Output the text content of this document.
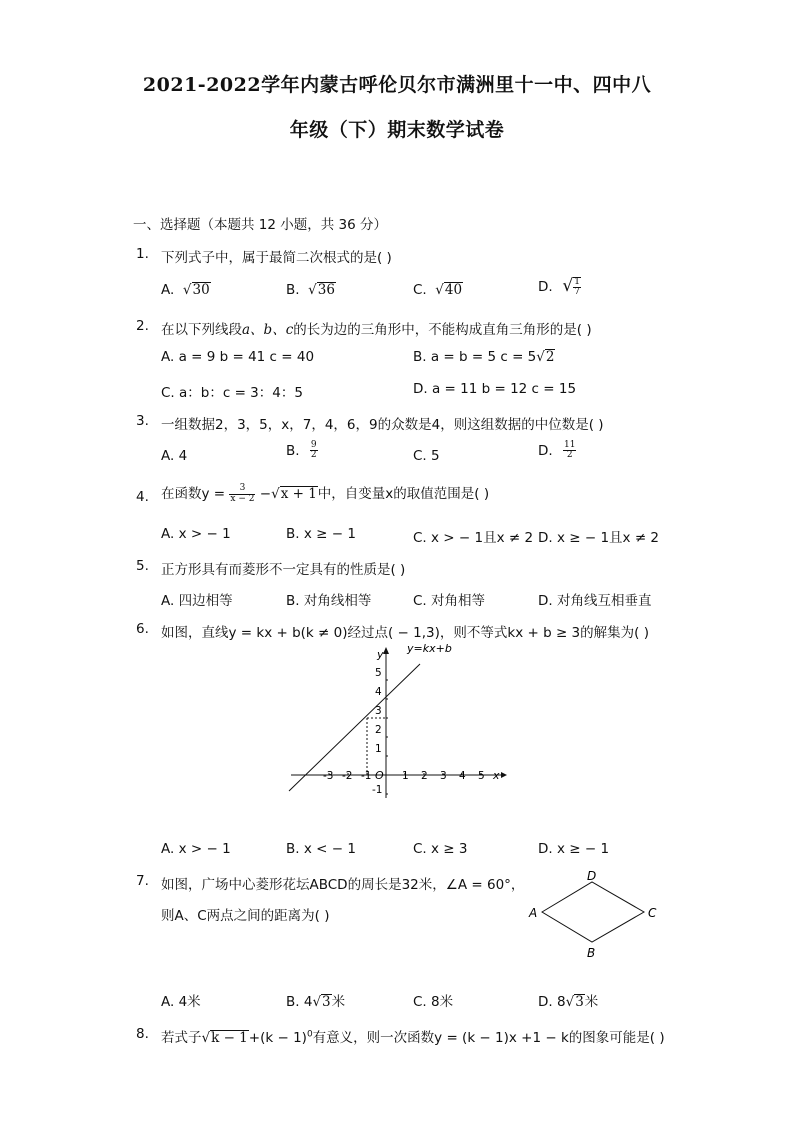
2021-2022学年内蒙古呼伦贝尔市满洲里十一中、四中八
年级（下）期末数学试卷
一、选择题（本题共 12 小题，共 36 分）
1. 下列式子中，属于最简二次根式的是( )
A.  √30	B.  √36	C.  √40	D.  √ $\frac{1}{7}$
2. 在以下列线段a、b、c的长为边的三角形中，不能构成直角三角形的是( )
A. a = 9 b = 41 c = 40	B. a = b = 5 c = 5√2
C. a：b：c = 3：4：5	D. a = 11 b = 12 c = 15
3. 一组数据2，3，5，x，7，4，6，9的众数是4，则这组数据的中位数是( )
A. 4	B. $\frac{9}{2}$	C. 5	D. $\frac{11}{2}$
4. 在函数$y = \frac{3}{x - 2} -√x + 1$中，自变量x的取值范围是( )
A. x > − 1	B. x ≥ − 1	C. x > − 1且x ≠ 2 D. x ≥ − 1且x ≠ 2
5. 正方形具有而菱形不一定具有的性质是( )
A. 四边相等	B. 对角线相等	C. 对角相等	D. 对角线互相垂直
6. 如图，直线y = kx + b(k ≠ 0)经过点( − 1,3)，则不等式kx + b ≥ 3的解集为( )
y=kx+b
y
x
O
-3 -2 -1	1 2 3 4 5
5
4
3
2
1
-1
A. x > − 1	B. x < − 1	C. x ≥ 3	D. x ≥ − 1
7. 如图，广场中心菱形花坛ABCD的周长是32米，∠A = 60°，
则A、C两点之间的距离为( )	A
D
C
B
A. 4米	B. 4√3米	C. 8米	D. 8√3米
8. 若式子$√k - 1+(k - 1)^0$有意义，则一次函数y = (k − 1)x +1 − k的图象可能是( )
